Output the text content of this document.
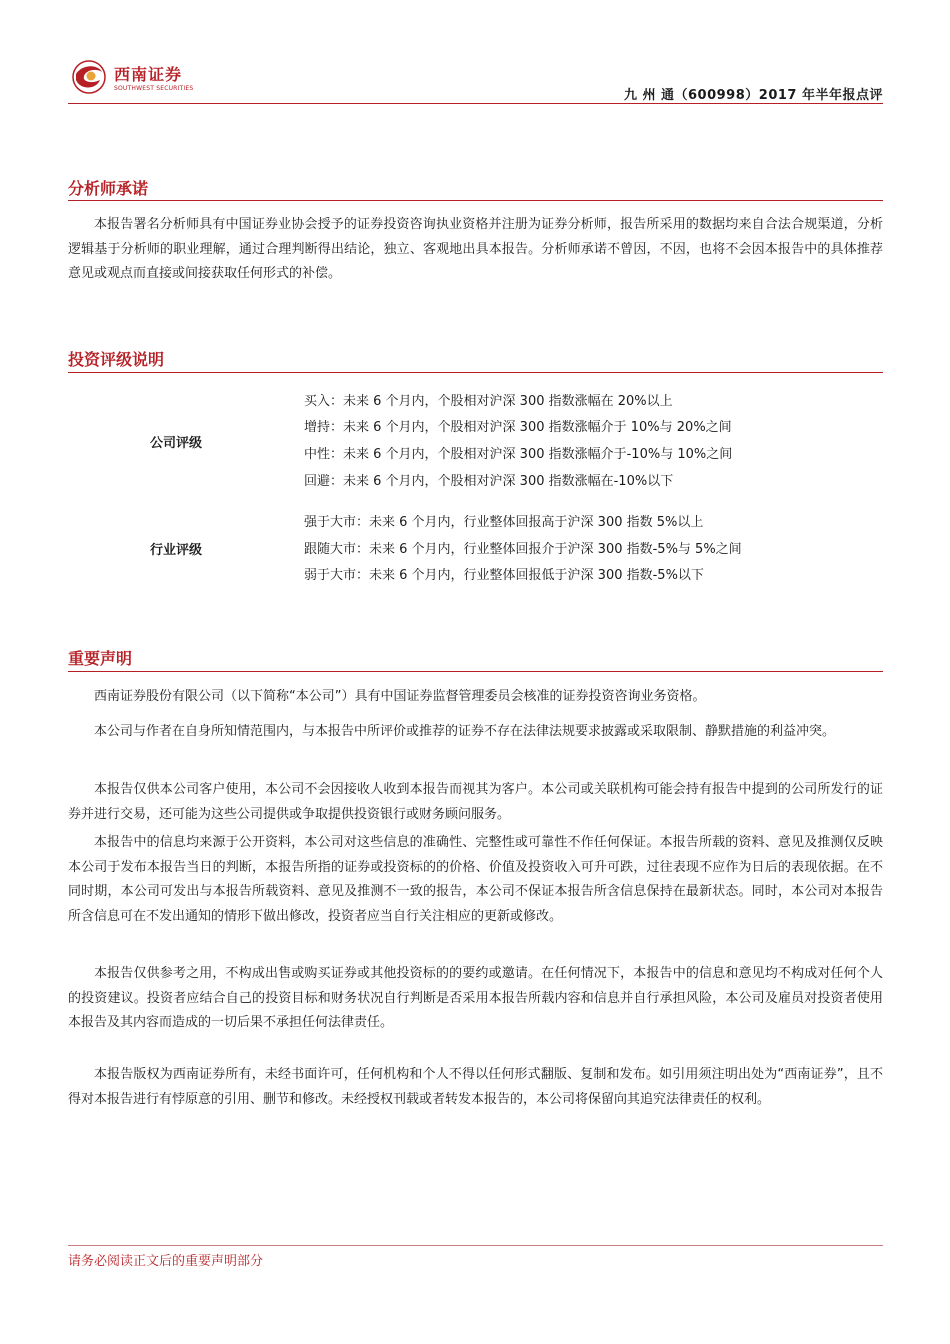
西南证券
SOUTHWEST SECURITIES	九 州 通（600998）2017 年半年报点评
分析师承诺
本报告署名分析师具有中国证券业协会授予的证券投资咨询执业资格并注册为证券分析师，报告所采用的数据均来自合法合规渠道，分析逻辑基于分析师的职业理解，通过合理判断得出结论，独立、客观地出具本报告。分析师承诺不曾因，不因，也将不会因本报告中的具体推荐意见或观点而直接或间接获取任何形式的补偿。
投资评级说明
公司评级
买入：未来 6 个月内，个股相对沪深 300 指数涨幅在 20%以上
增持：未来 6 个月内，个股相对沪深 300 指数涨幅介于 10%与 20%之间
中性：未来 6 个月内，个股相对沪深 300 指数涨幅介于-10%与 10%之间
回避：未来 6 个月内，个股相对沪深 300 指数涨幅在-10%以下
行业评级
强于大市：未来 6 个月内，行业整体回报高于沪深 300 指数 5%以上
跟随大市：未来 6 个月内，行业整体回报介于沪深 300 指数-5%与 5%之间
弱于大市：未来 6 个月内，行业整体回报低于沪深 300 指数-5%以下
重要声明
西南证券股份有限公司（以下简称“本公司”）具有中国证券监督管理委员会核准的证券投资咨询业务资格。
本公司与作者在自身所知情范围内，与本报告中所评价或推荐的证券不存在法律法规要求披露或采取限制、静默措施的利益冲突。
本报告仅供本公司客户使用，本公司不会因接收人收到本报告而视其为客户。本公司或关联机构可能会持有报告中提到的公司所发行的证券并进行交易，还可能为这些公司提供或争取提供投资银行或财务顾问服务。
本报告中的信息均来源于公开资料，本公司对这些信息的准确性、完整性或可靠性不作任何保证。本报告所载的资料、意见及推测仅反映本公司于发布本报告当日的判断，本报告所指的证券或投资标的的价格、价值及投资收入可升可跌，过往表现不应作为日后的表现依据。在不同时期，本公司可发出与本报告所载资料、意见及推测不一致的报告，本公司不保证本报告所含信息保持在最新状态。同时，本公司对本报告所含信息可在不发出通知的情形下做出修改，投资者应当自行关注相应的更新或修改。
本报告仅供参考之用，不构成出售或购买证券或其他投资标的的要约或邀请。在任何情况下，本报告中的信息和意见均不构成对任何个人的投资建议。投资者应结合自己的投资目标和财务状况自行判断是否采用本报告所载内容和信息并自行承担风险，本公司及雇员对投资者使用本报告及其内容而造成的一切后果不承担任何法律责任。
本报告版权为西南证券所有，未经书面许可，任何机构和个人不得以任何形式翻版、复制和发布。如引用须注明出处为“西南证券”，且不得对本报告进行有悖原意的引用、删节和修改。未经授权刊载或者转发本报告的，本公司将保留向其追究法律责任的权利。
请务必阅读正文后的重要声明部分
